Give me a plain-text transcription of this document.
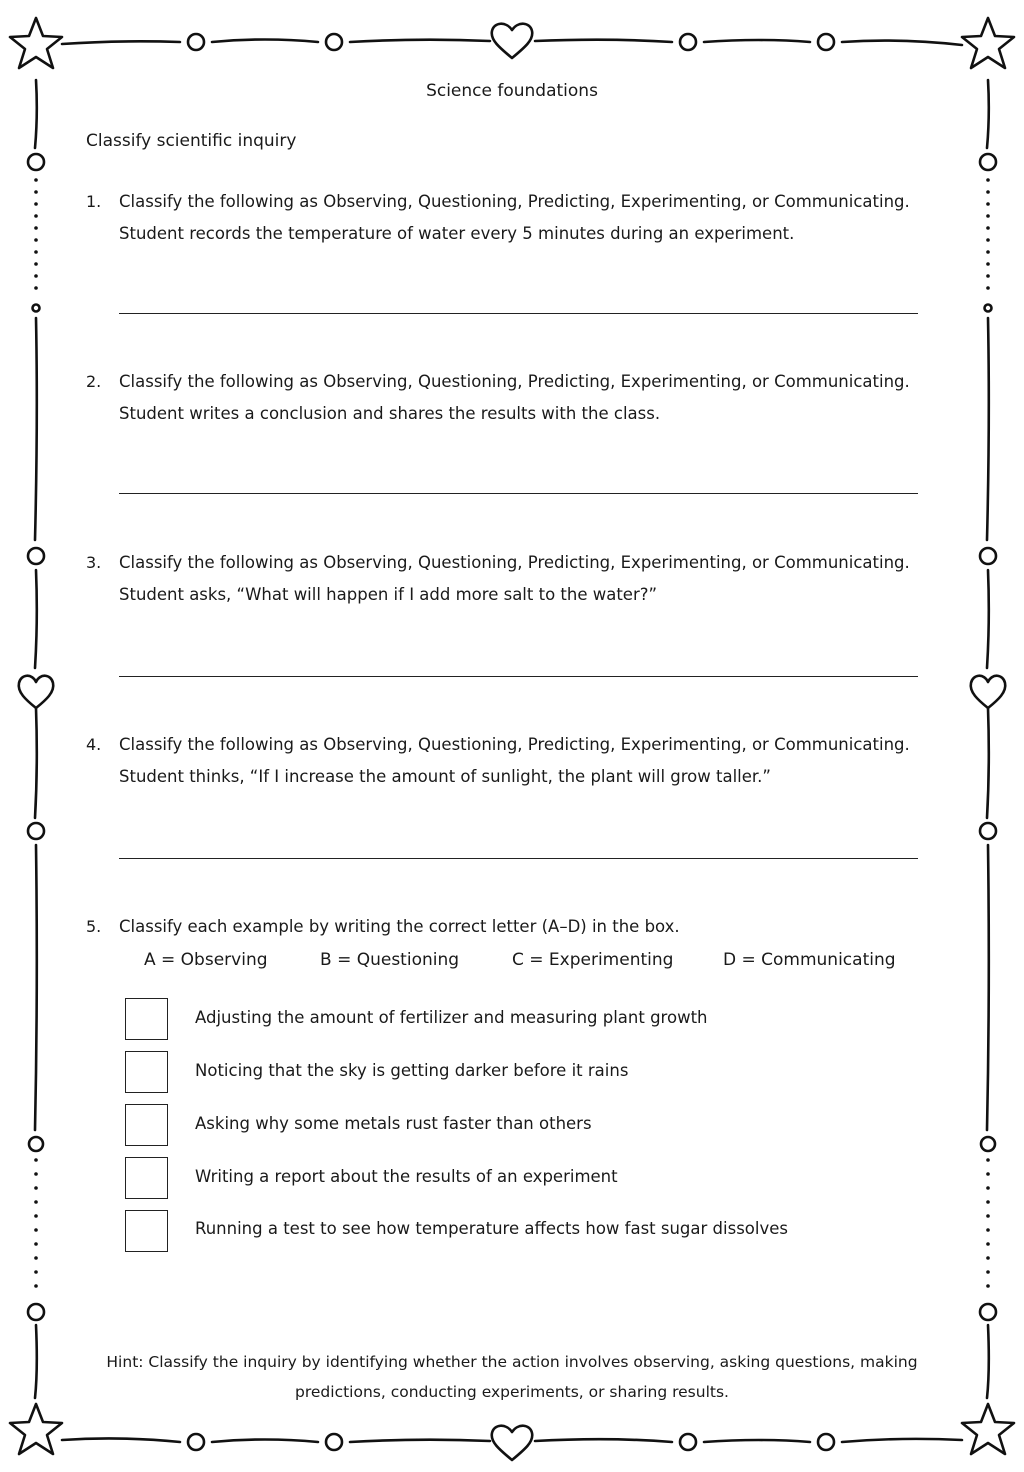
Science foundations
Classify scientific inquiry
1. Classify the following as Observing, Questioning, Predicting, Experimenting, or Communicating.
Student records the temperature of water every 5 minutes during an experiment.
2. Classify the following as Observing, Questioning, Predicting, Experimenting, or Communicating.
Student writes a conclusion and shares the results with the class.
3. Classify the following as Observing, Questioning, Predicting, Experimenting, or Communicating.
Student asks, “What will happen if I add more salt to the water?”
4. Classify the following as Observing, Questioning, Predicting, Experimenting, or Communicating.
Student thinks, “If I increase the amount of sunlight, the plant will grow taller.”
5. Classify each example by writing the correct letter (A–D) in the box.
A = Observing	B = Questioning	C = Experimenting	D = Communicating
Adjusting the amount of fertilizer and measuring plant growth
Noticing that the sky is getting darker before it rains
Asking why some metals rust faster than others
Writing a report about the results of an experiment
Running a test to see how temperature affects how fast sugar dissolves
Hint: Classify the inquiry by identifying whether the action involves observing, asking questions, making
predictions, conducting experiments, or sharing results.
